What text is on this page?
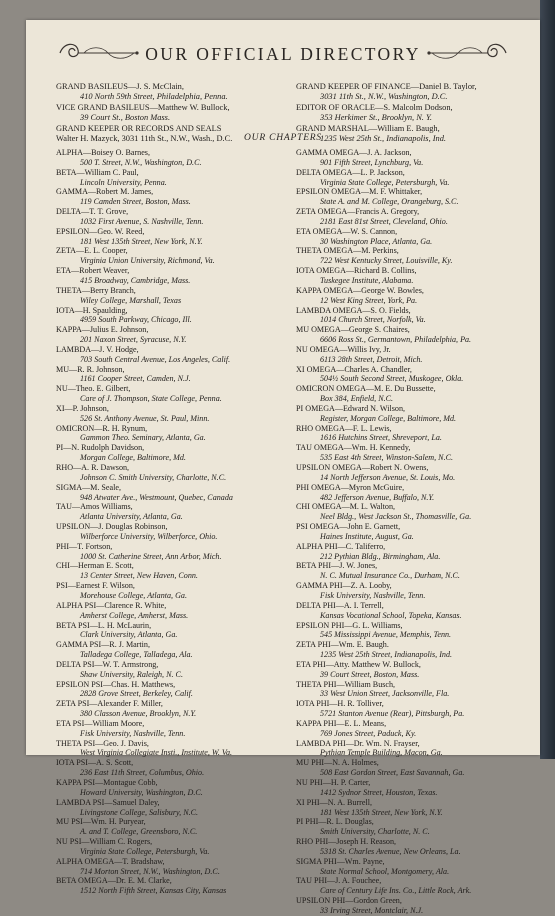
OUR OFFICIAL DIRECTORY
GRAND BASILEUS—J. S. McClain,
410 North 59th Street, Philadelphia, Penna.
VICE GRAND BASILEUS—Matthew W. Bullock,
39 Court St., Boston Mass.
GRAND KEEPER OR RECORDS AND SEALS
Walter H. Mazyck, 3031 11th St., N.W., Wash., D.C.
GRAND KEEPER OF FINANCE—Daniel B. Taylor,
3031 11th St., N.W., Washington, D.C.
EDITOR OF ORACLE—S. Malcolm Dodson,
353 Herkimer St., Brooklyn, N. Y.
GRAND MARSHAL—William E. Baugh,
1235 West 25th St., Indianapolis, Ind.
OUR CHAPTERS
ALPHA—Boisey O. Barnes,
500 T. Street, N.W., Washington, D.C.
BETA—William C. Paul,
Lincoln University, Penna.
GAMMA—Robert M. James,
119 Camden Street, Boston, Mass.
DELTA—T. T. Grove,
1032 First Avenue, S. Nashville, Tenn.
EPSILON—Geo. W. Reed,
181 West 135th Street, New York, N.Y.
ZETA—E. L. Cooper,
Virginia Union University, Richmond, Va.
ETA—Robert Weaver,
415 Broadway, Cambridge, Mass.
THETA—Berry Branch,
Wiley College, Marshall, Texas
IOTA—H. Spaulding,
4959 South Parkway, Chicago, Ill.
KAPPA—Julius E. Johnson,
201 Naxon Street, Syracuse, N.Y.
LAMBDA—J. V. Hodge,
703 South Central Avenue, Los Angeles, Calif.
MU—R. R. Johnson,
1161 Cooper Street, Camden, N.J.
NU—Theo. E. Gilbert,
Care of J. Thompson, State College, Penna.
XI—P. Johnson,
526 St. Anthony Avenue, St. Paul, Minn.
OMICRON—R. H. Rynum,
Gammon Theo. Seminary, Atlanta, Ga.
PI—N. Rudolph Davidson,
Morgan College, Baltimore, Md.
RHO—A. R. Dawson,
Johnson C. Smith University, Charlotte, N.C.
SIGMA—M. Seale,
948 Atwater Ave., Westmount, Quebec, Canada
TAU—Amos Williams,
Atlanta University, Atlanta, Ga.
UPSILON—J. Douglas Robinson,
Wilberforce University, Wilberforce, Ohio.
PHI—T. Fortson,
1000 St. Catherine Street, Ann Arbor, Mich.
CHI—Herman E. Scott,
13 Center Street, New Haven, Conn.
PSI—Earnest F. Wilson,
Morehouse College, Atlanta, Ga.
ALPHA PSI—Clarence R. White,
Amherst College, Amherst, Mass.
BETA PSI—L. H. McLaurin,
Clark University, Atlanta, Ga.
GAMMA PSI—R. J. Martin,
Talladega College, Talladega, Ala.
DELTA PSI—W. T. Armstrong,
Shaw University, Raleigh, N. C.
EPSILON PSI—Chas. H. Matthews,
2828 Grove Street, Berkeley, Calif.
ZETA PSI—Alexander F. Miller,
380 Classon Avenue, Brooklyn, N.Y.
ETA PSI—William Moore,
Fisk University, Nashville, Tenn.
THETA PSI—Geo. J. Davis,
West Virginia Collegiate Insti., Institute, W. Va.
IOTA PSI—A. S. Scott,
236 East 11th Street, Columbus, Ohio.
KAPPA PSI—Montague Cobb,
Howard University, Washington, D.C.
LAMBDA PSI—Samuel Daley,
Livingstone College, Salisbury, N.C.
MU PSI—Wm. H. Puryear,
A. and T. College, Greensboro, N.C.
NU PSI—William C. Rogers,
Virginia State College, Petersburgh, Va.
ALPHA OMEGA—T. Bradshaw,
714 Morton Street, N.W., Washington, D.C.
BETA OMEGA—Dr. E. M. Clarke,
1512 North Fifth Street, Kansas City, Kansas
GAMMA OMEGA—J. A. Jackson,
901 Fifth Street, Lynchburg, Va.
DELTA OMEGA—L. P. Jackson,
Virginia State College, Petersburgh, Va.
EPSILON OMEGA—M. F. Whittaker,
State A. and M. College, Orangeburg, S.C.
ZETA OMEGA—Francis A. Gregory,
2181 East 81st Street, Cleveland, Ohio.
ETA OMEGA—W. S. Cannon,
30 Washington Place, Atlanta, Ga.
THETA OMEGA—M. Perkins,
722 West Kentucky Street, Louisville, Ky.
IOTA OMEGA—Richard B. Collins,
Tuskegee Institute, Alabama.
KAPPA OMEGA—George W. Bowles,
12 West King Street, York, Pa.
LAMBDA OMEGA—S. O. Fields,
1014 Church Street, Norfolk, Va.
MU OMEGA—George S. Chaires,
6606 Ross St., Germantown, Philadelphia, Pa.
NU OMEGA—Willis Ivy, Jr.
6113 28th Street, Detroit, Mich.
XI OMEGA—Charles A. Chandler,
504½ South Second Street, Muskogee, Okla.
OMICRON OMEGA—M. E. Du Bussette,
Box 384, Enfield, N.C.
PI OMEGA—Edward N. Wilson,
Register, Morgan College, Baltimore, Md.
RHO OMEGA—F. L. Lewis,
1616 Hutchins Street, Shreveport, La.
TAU OMEGA—Wm. H. Kennedy,
535 East 4th Street, Winston-Salem, N.C.
UPSILON OMEGA—Robert N. Owens,
14 North Jefferson Avenue, St. Louis, Mo.
PHI OMEGA—Myron McGuire,
482 Jefferson Avenue, Buffalo, N.Y.
CHI OMEGA—M. L. Walton,
Neel Bldg., West Jackson St., Thomasville, Ga.
PSI OMEGA—John E. Garnett,
Haines Institute, August, Ga.
ALPHA PHI—C. Taliferro,
212 Pythian Bldg., Birmingham, Ala.
BETA PHI—J. W. Jones,
N. C. Mutual Insurance Co., Durham, N.C.
GAMMA PHI—Z. A. Looby,
Fisk University, Nashville, Tenn.
DELTA PHI—A. I. Terrell,
Kansas Vocational School, Topeka, Kansas.
EPSILON PHI—G. L. Williams,
545 Mississippi Avenue, Memphis, Tenn.
ZETA PHI—Wm. E. Baugh.
1235 West 25th Street, Indianapolis, Ind.
ETA PHI—Atty. Matthew W. Bullock,
39 Court Street, Boston, Mass.
THETA PHI—William Busch,
33 West Union Street, Jacksonville, Fla.
IOTA PHI—H. R. Tolliver,
5721 Stanton Avenue (Rear), Pittsburgh, Pa.
KAPPA PHI—E. L. Means,
769 Jones Street, Paduck, Ky.
LAMBDA PHI—Dr. Wm. N. Frayser,
Pythian Temple Building, Macon, Ga.
MU PHI—N. A. Holmes,
508 East Gordon Street, East Savannah, Ga.
NU PHI—H. P. Carter,
1412 Sydnor Street, Houston, Texas.
XI PHI—N. A. Burrell,
181 West 135th Street, New York, N.Y.
PI PHI—R. L. Douglas,
Smith University, Charlotte, N. C.
RHO PHI—Joseph H. Reason,
5318 St. Charles Avenue, New Orleans, La.
SIGMA PHI—Wm. Payne,
State Normal School, Montgomery, Ala.
TAU PHI—J. A. Fouchee,
Care of Century Life Ins. Co., Little Rock, Ark.
UPSILON PHI—Gordon Green,
33 Irving Street, Montclair, N.J.
